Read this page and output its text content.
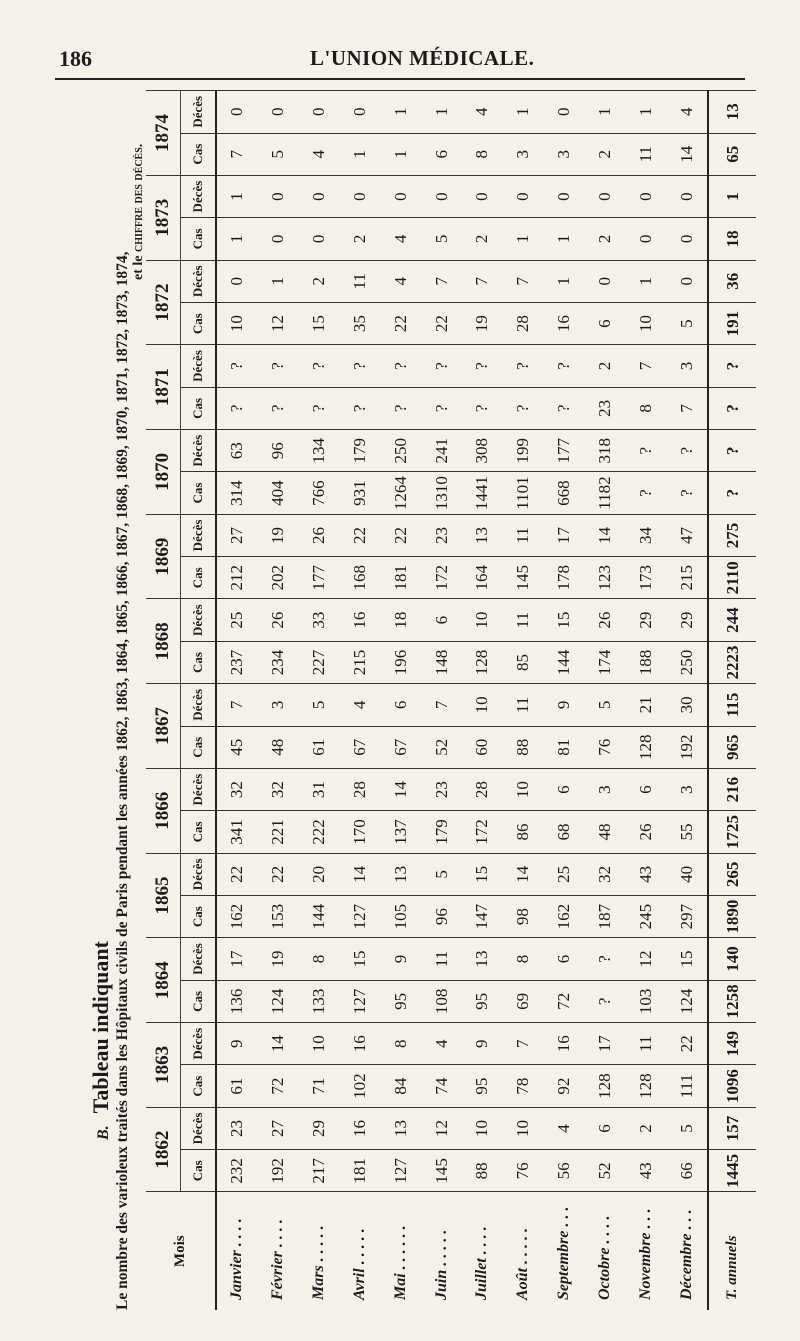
186	L'UNION MÉDICALE.
B. Tableau indiquant Le nombre des varioleux traités dans les Hôpitaux civils de Paris pendant les années 1862, 1863, 1864, 1865, 1866, 1867, 1868, 1869, 1870, 1871, 1872, 1873, 1874, et le chiffre des décès.
Mois	1862		1863		1864		1865		1866		1867		1868		1869		1870		1871		1872		1873		1874	
	Cas	Décès	Cas	Décès	Cas	Décès	Cas	Décès	Cas	Décès	Cas	Décès	Cas	Décès	Cas	Décès	Cas	Décès	Cas	Décès	Cas	Décès	Cas	Décès	Cas	Décès
Janvier . . . .	232	23	61	9	136	17	162	22	341	32	45	7	237	25	212	27	314	63	?	?	10	0	1	1	7	0
Février . . . .	192	27	72	14	124	19	153	22	221	32	48	3	234	26	202	19	404	96	?	?	12	1	0	0	5	0
Mars . . . . .	217	29	71	10	133	8	144	20	222	31	61	5	227	33	177	26	766	134	?	?	15	2	0	0	4	0
Avril . . . . .	181	16	102	16	127	15	127	14	170	28	67	4	215	16	168	22	931	179	?	?	35	11	2	0	1	0
Mai . . . . . .	127	13	84	8	95	9	105	13	137	14	67	6	196	18	181	22	1264	250	?	?	22	4	4	0	1	1
Juin . . . . .	145	12	74	4	108	11	96	5	179	23	52	7	148	6	172	23	1310	241	?	?	22	7	5	0	6	1
Juillet . . . .	88	10	95	9	95	13	147	15	172	28	60	10	128	10	164	13	1441	308	?	?	19	7	2	0	8	4
Août . . . . .	76	10	78	7	69	8	98	14	86	10	88	11	85	11	145	11	1101	199	?	?	28	7	1	0	3	1
Septembre . . .	56	4	92	16	72	6	162	25	68	6	81	9	144	15	178	17	668	177	?	?	16	1	1	0	3	0
Octobre . . . .	52	6	128	17	?	?	187	32	48	3	76	5	174	26	123	14	1182	318	23	2	6	0	2	0	2	1
Novembre . . .	43	2	128	11	103	12	245	43	26	6	128	21	188	29	173	34	?	?	8	7	10	1	0	0	11	1
Décembre . . .	66	5	111	22	124	15	297	40	55	3	192	30	250	29	215	47	?	?	7	3	5	0	0	0	14	4
T. annuels	1445	157	1096	149	1258	140	1890	265	1725	216	965	115	2223	244	2110	275	?	?	?	?	191	36	18	1	65	13
